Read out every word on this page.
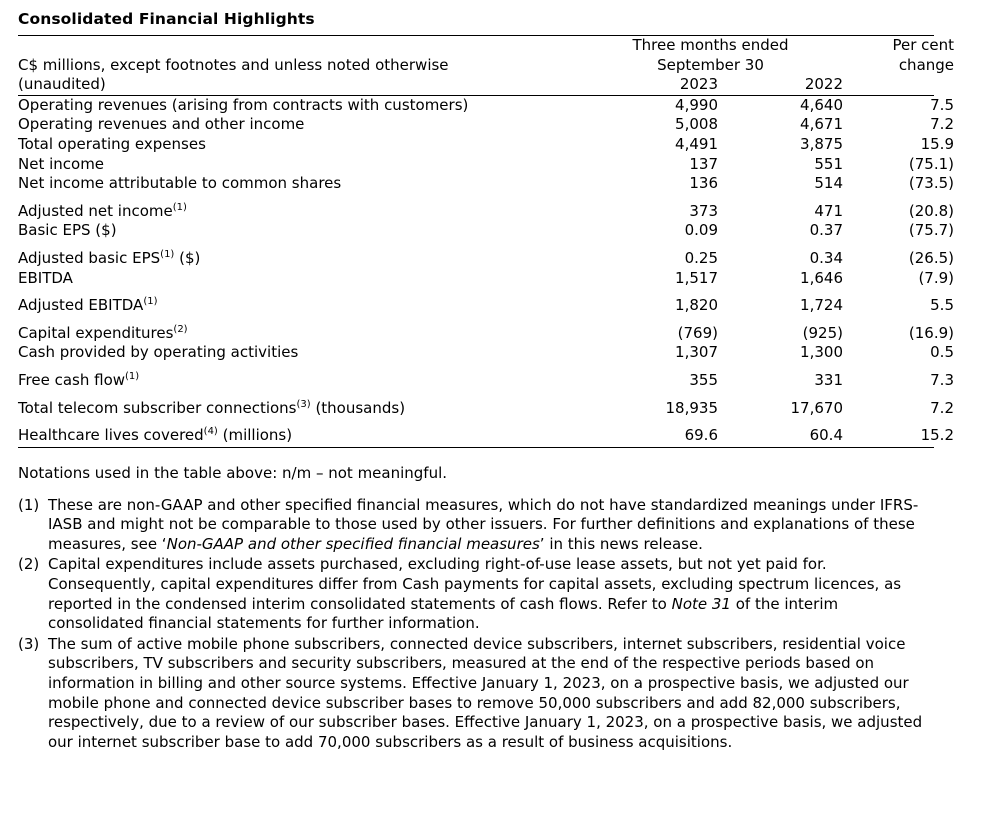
Consolidated Financial Highlights
	Three months ended		Per cent
C$ millions, except footnotes and unless noted otherwise	September 30		change
(unaudited)	2023	2022	
Operating revenues (arising from contracts with customers)	4,990	4,640	7.5
Operating revenues and other income	5,008	4,671	7.2
Total operating expenses	4,491	3,875	15.9
Net income	137	551	(75.1)
Net income attributable to common shares	136	514	(73.5)

Adjusted net income$^{(1)}$	373	471	(20.8)
Basic EPS ($)	0.09	0.37	(75.7)

Adjusted basic EPS$^{(1)}$ ($)	0.25	0.34	(26.5)
EBITDA	1,517	1,646	(7.9)

Adjusted EBITDA$^{(1)}$	1,820	1,724	5.5

Capital expenditures$^{(2)}$	(769)	(925)	(16.9)
Cash provided by operating activities	1,307	1,300	0.5

Free cash flow$^{(1)}$	355	331	7.3

Total telecom subscriber connections$^{(3)}$ (thousands)	18,935	17,670	7.2

Healthcare lives covered$^{(4)}$ (millions)	69.6	60.4	15.2
Notations used in the table above: n/m – not meaningful.
(1) These are non-GAAP and other specified financial measures, which do not have standardized meanings under IFRS-IASB and might not be comparable to those used by other issuers. For further definitions and explanations of these measures, see ‘Non-GAAP and other specified financial measures’ in this news release.
(2) Capital expenditures include assets purchased, excluding right-of-use lease assets, but not yet paid for. Consequently, capital expenditures differ from Cash payments for capital assets, excluding spectrum licences, as reported in the condensed interim consolidated statements of cash flows. Refer to Note 31 of the interim consolidated financial statements for further information.
(3) The sum of active mobile phone subscribers, connected device subscribers, internet subscribers, residential voice subscribers, TV subscribers and security subscribers, measured at the end of the respective periods based on information in billing and other source systems. Effective January 1, 2023, on a prospective basis, we adjusted our mobile phone and connected device subscriber bases to remove 50,000 subscribers and add 82,000 subscribers, respectively, due to a review of our subscriber bases. Effective January 1, 2023, on a prospective basis, we adjusted our internet subscriber base to add 70,000 subscribers as a result of business acquisitions.
